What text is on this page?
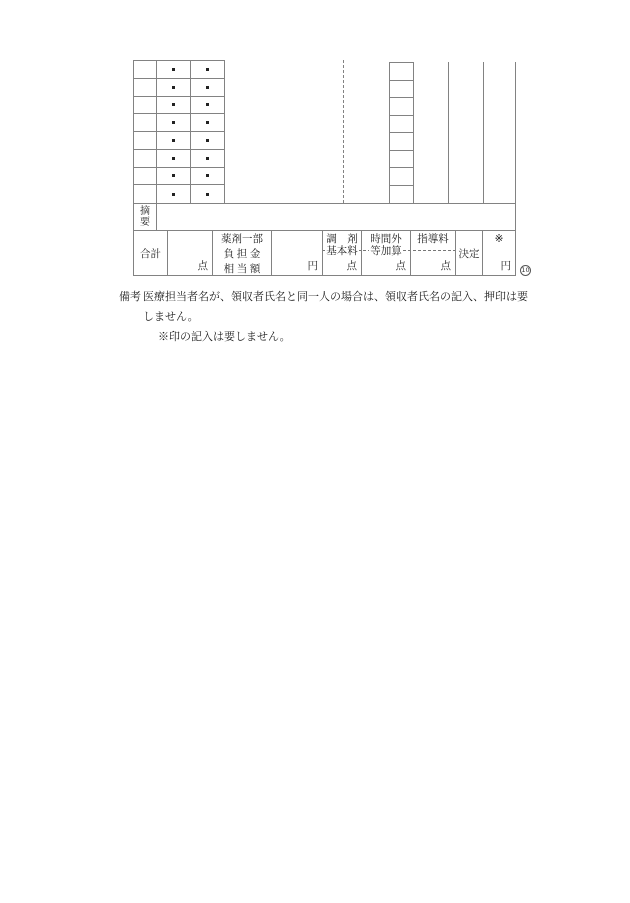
摘
要
合計
点
薬剤一部
負 担 金
相 当 額	円
調　剤
基本料
点
時間外
等加算
点
指導料
点
決定
※
円	10
備考 医療担当者名が、領収者氏名と同一人の場合は、領収者氏名の記入、押印は要
しません。
※印の記入は要しません。
